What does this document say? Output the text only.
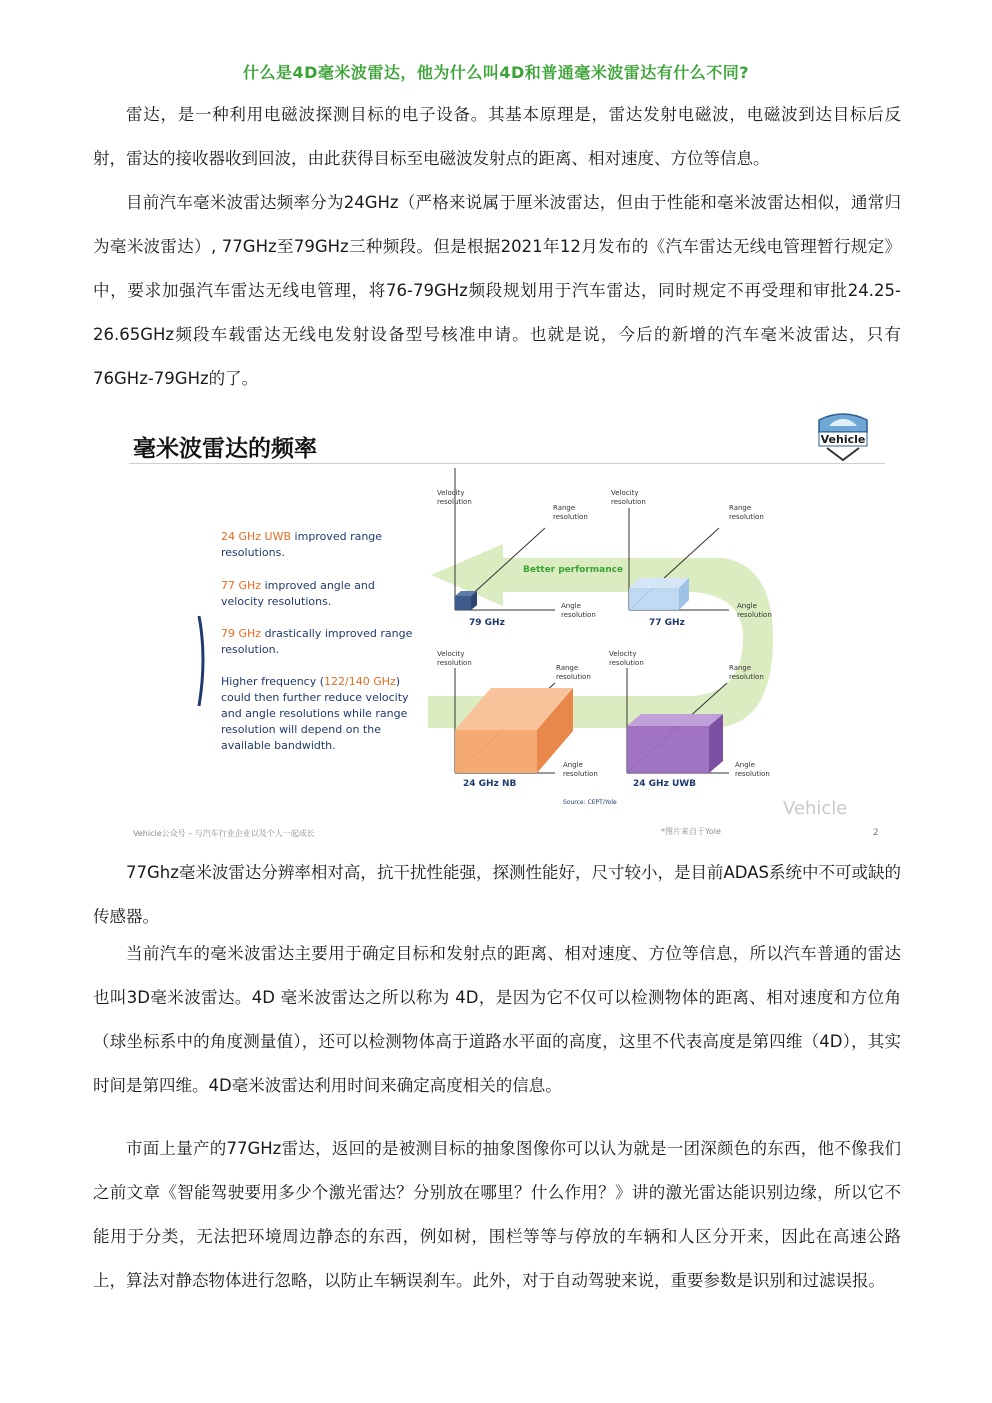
什么是4D毫米波雷达，他为什么叫4D和普通毫米波雷达有什么不同?

雷达，是一种利用电磁波探测目标的电子设备。其基本原理是，雷达发射电磁波，电磁波到达目标后反射，雷达的接收器收到回波，由此获得目标至电磁波发射点的距离、相对速度、方位等信息。

目前汽车毫米波雷达频率分为24GHz（严格来说属于厘米波雷达，但由于性能和毫米波雷达相似，通常归为毫米波雷达）, 77GHz至79GHz三种频段。但是根据2021年12月发布的《汽车雷达无线电管理暂行规定》中，要求加强汽车雷达无线电管理，将76-79GHz频段规划用于汽车雷达，同时规定不再受理和审批24.25-26.65GHz频段车载雷达无线电发射设备型号核准申请。也就是说，今后的新增的汽车毫米波雷达，只有76GHz-79GHz的了。

毫米波雷达的频率	Vehicle
24 GHz UWB improved range
resolutions.
77 GHz improved angle and
velocity resolutions.
79 GHz drastically improved range
resolution.
Higher frequency (122/140 GHz)
could then further reduce velocity
and angle resolutions while range
resolution will depend on the
available bandwidth.
Better performance
Velocity
resolution
Range
resolution
Angle
resolution
79 GHz
Velocity
resolution
Range
resolution
Angle
resolution
77 GHz
Velocity
resolution
Range
resolution
Angle
resolution
24 GHz NB
Velocity
resolution
Range
resolution
Angle
resolution
24 GHz UWB
Source: CEPT/Yole	Vehicle
Vehicle公众号 – 与汽车行业企业以及个人一起成长	*图片来自于Yole	2

77Ghz毫米波雷达分辨率相对高，抗干扰性能强，探测性能好，尺寸较小，是目前ADAS系统中不可或缺的传感器。

当前汽车的毫米波雷达主要用于确定目标和发射点的距离、相对速度、方位等信息，所以汽车普通的雷达也叫3D毫米波雷达。4D 毫米波雷达之所以称为 4D，是因为它不仅可以检测物体的距离、相对速度和方位角（球坐标系中的角度测量值），还可以检测物体高于道路水平面的高度，这里不代表高度是第四维（4D），其实时间是第四维。4D毫米波雷达利用时间来确定高度相关的信息。

市面上量产的77GHz雷达，返回的是被测目标的抽象图像你可以认为就是一团深颜色的东西，他不像我们之前文章《智能驾驶要用多少个激光雷达？分别放在哪里？什么作用？》讲的激光雷达能识别边缘，所以它不能用于分类，无法把环境周边静态的东西，例如树，围栏等等与停放的车辆和人区分开来，因此在高速公路上，算法对静态物体进行忽略，以防止车辆误刹车。此外，对于自动驾驶来说，重要参数是识别和过滤误报。
